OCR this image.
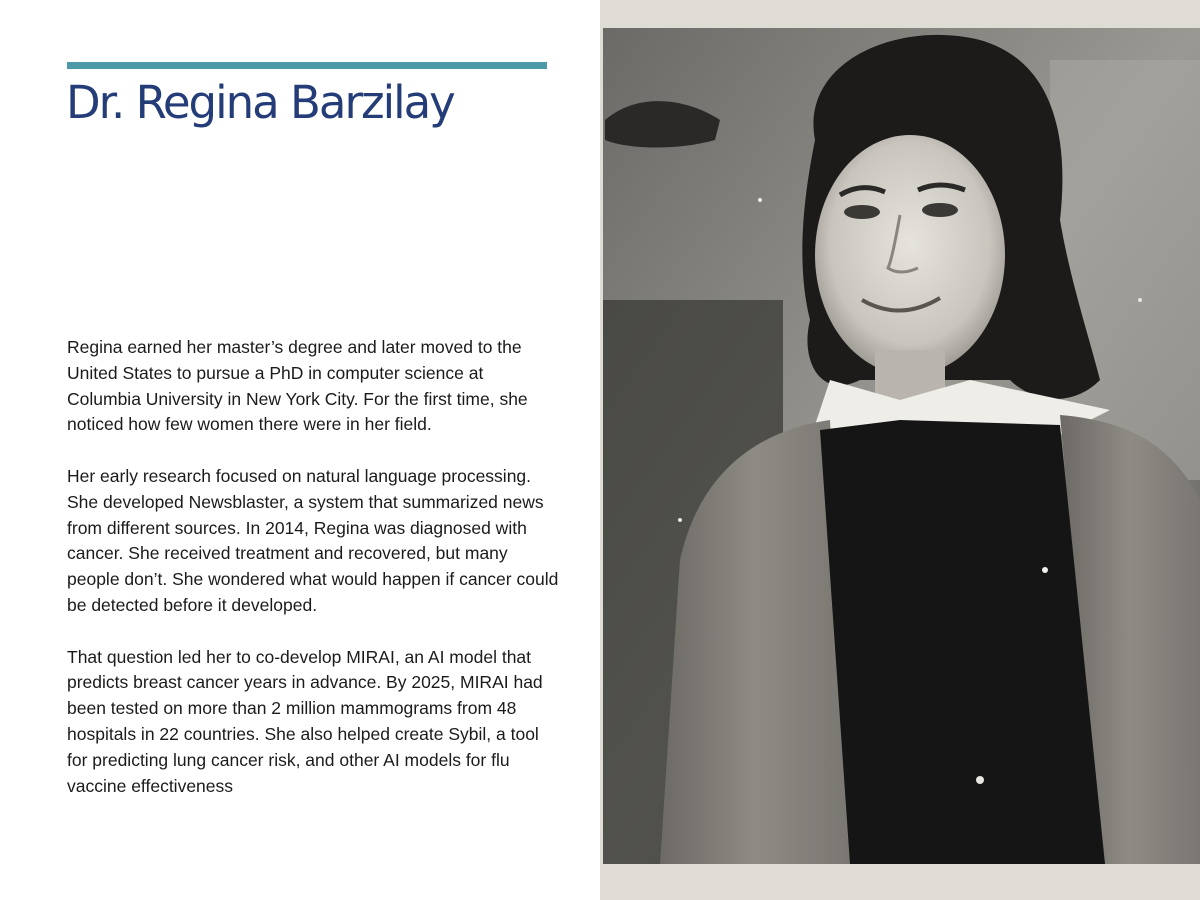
Dr. Regina Barzilay

Regina earned her master’s degree and later moved to the United States to pursue a PhD in computer science at Columbia University in New York City. For the first time, she noticed how few women there were in her field.

Her early research focused on natural language processing. She developed Newsblaster, a system that summarized news from different sources. In 2014, Regina was diagnosed with cancer. She received treatment and recovered, but many people don’t. She wondered what would happen if cancer could be detected before it developed.

That question led her to co-develop MIRAI, an AI model that predicts breast cancer years in advance. By 2025, MIRAI had been tested on more than 2 million mammograms from 48 hospitals in 22 countries. She also helped create Sybil, a tool for predicting lung cancer risk, and other AI models for flu vaccine effectiveness
